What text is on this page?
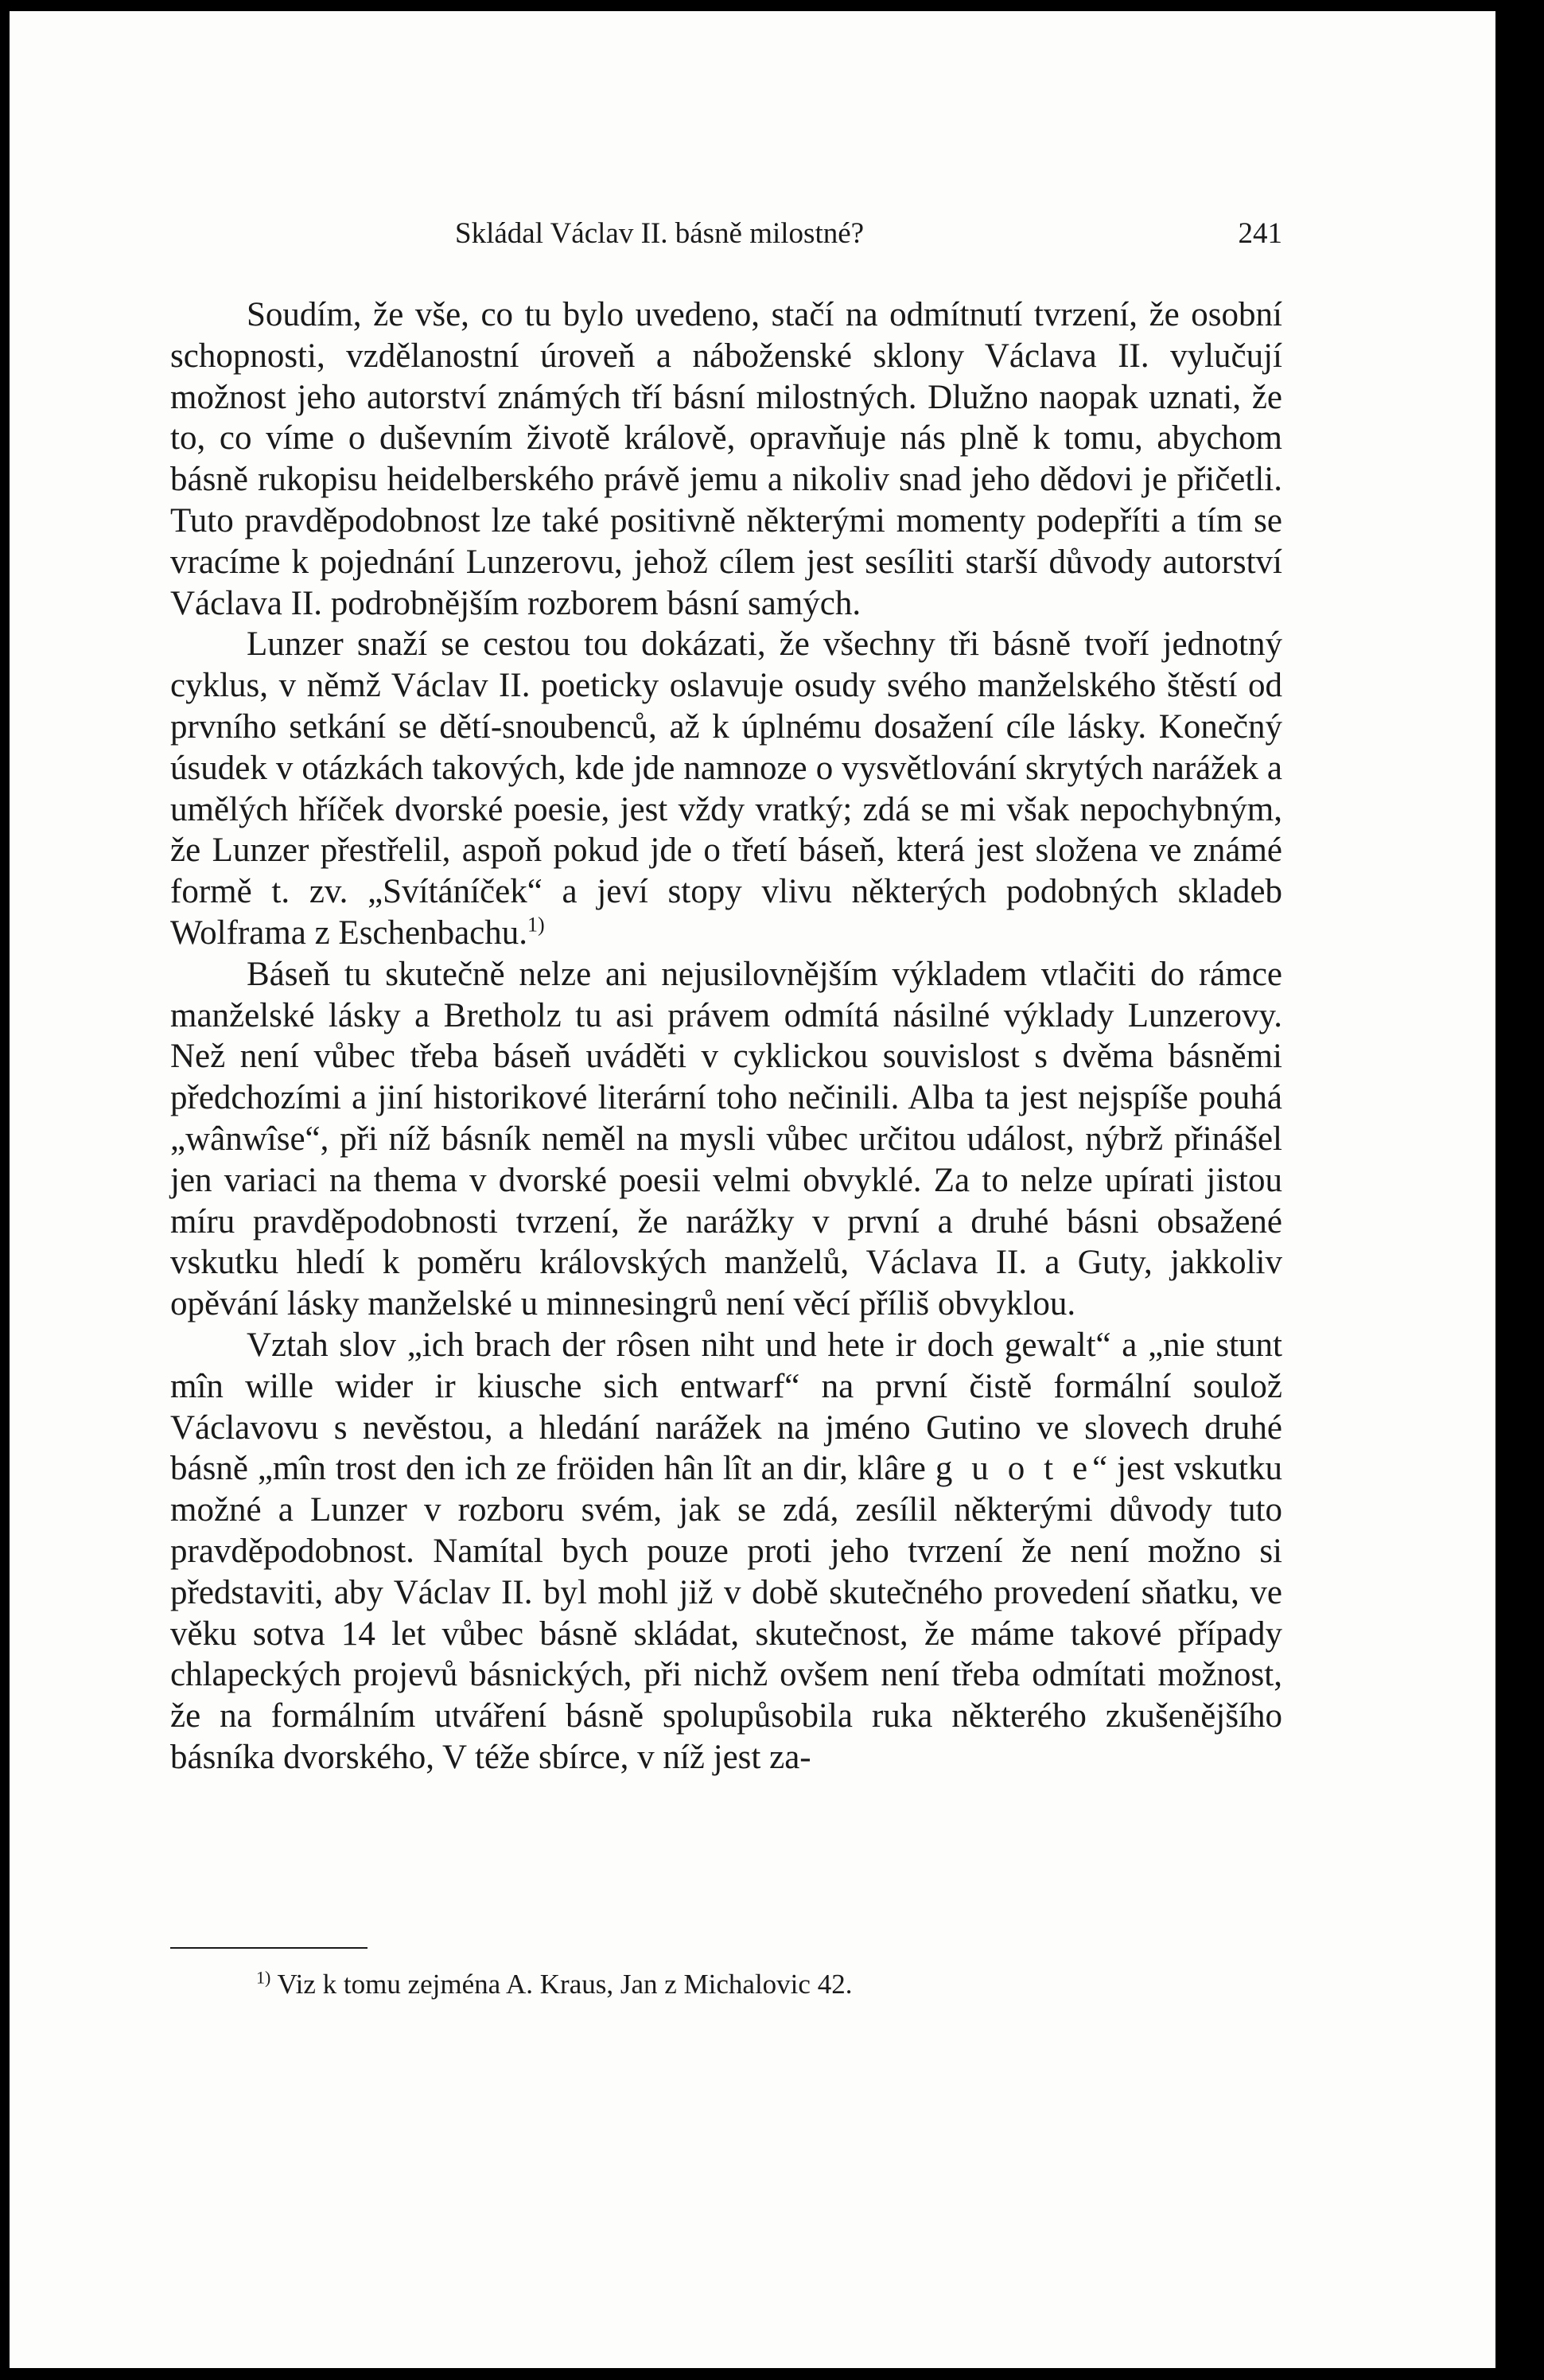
Skládal Václav II. básně milostné?	241

Soudím, že vše, co tu bylo uvedeno, stačí na odmítnutí tvrzení, že osobní schopnosti, vzdělanostní úroveň a náboženské sklony Václava II. vylučují možnost jeho autorství známých tří básní milostných. Dlužno naopak uznati, že to, co víme o duševním životě králově, opravňuje nás plně k tomu, abychom básně rukopisu heidelberského právě jemu a nikoliv snad jeho dědovi je přičetli. Tuto pravděpodobnost lze také positivně některými momenty podepříti a tím se vracíme k pojednání Lunzerovu, jehož cílem jest sesíliti starší důvody autorství Václava II. podrobnějším rozborem básní samých.

Lunzer snaží se cestou tou dokázati, že všechny tři básně tvoří jednotný cyklus, v němž Václav II. poeticky oslavuje osudy svého manželského štěstí od prvního setkání se dětí-snoubenců, až k úplnému dosažení cíle lásky. Konečný úsudek v otázkách takových, kde jde namnoze o vysvětlování skrytých narážek a umělých hříček dvorské poesie, jest vždy vratký; zdá se mi však nepochybným, že Lunzer přestřelil, aspoň pokud jde o třetí báseň, která jest složena ve známé formě t. zv. „Svítáníček“ a jeví stopy vlivu některých podobných skladeb Wolframa z Eschenbachu.$^{1)}$

Báseň tu skutečně nelze ani nejusilovnějším výkladem vtlačiti do rámce manželské lásky a Bretholz tu asi právem odmítá násilné výklady Lunzerovy. Než není vůbec třeba báseň uváděti v cyklickou souvislost s dvěma básněmi předchozími a jiní historikové literární toho nečinili. Alba ta jest nejspíše pouhá „wânwîse“, při níž básník neměl na mysli vůbec určitou událost, nýbrž přinášel jen variaci na thema v dvorské poesii velmi obvyklé. Za to nelze upírati jistou míru pravděpodobnosti tvrzení, že narážky v první a druhé básni obsažené vskutku hledí k poměru královských manželů, Václava II. a Guty, jakkoliv opěvání lásky manželské u minnesingrů není věcí příliš obvyklou.

Vztah slov „ich brach der rôsen niht und hete ir doch gewalt“ a „nie stunt mîn wille wider ir kiusche sich entwarf“ na první čistě formální soulož Václavovu s nevěstou, a hledání narážek na jméno Gutino ve slovech druhé básně „mîn trost den ich ze fröiden hân lît an dir, klâre g u o t e“ jest vskutku možné a Lunzer v rozboru svém, jak se zdá, zesílil některými důvody tuto pravděpodobnost. Namítal bych pouze proti jeho tvrzení že není možno si představiti, aby Václav II. byl mohl již v době skutečného provedení sňatku, ve věku sotva 14 let vůbec básně skládat, skutečnost, že máme takové případy chlapeckých projevů básnických, při nichž ovšem není třeba odmítati možnost, že na formálním utváření básně spolupůsobila ruka některého zkušenějšího básníka dvorského, V téže sbírce, v níž jest za-

$^{1)}$ Viz k tomu zejména A. Kraus, Jan z Michalovic 42.
